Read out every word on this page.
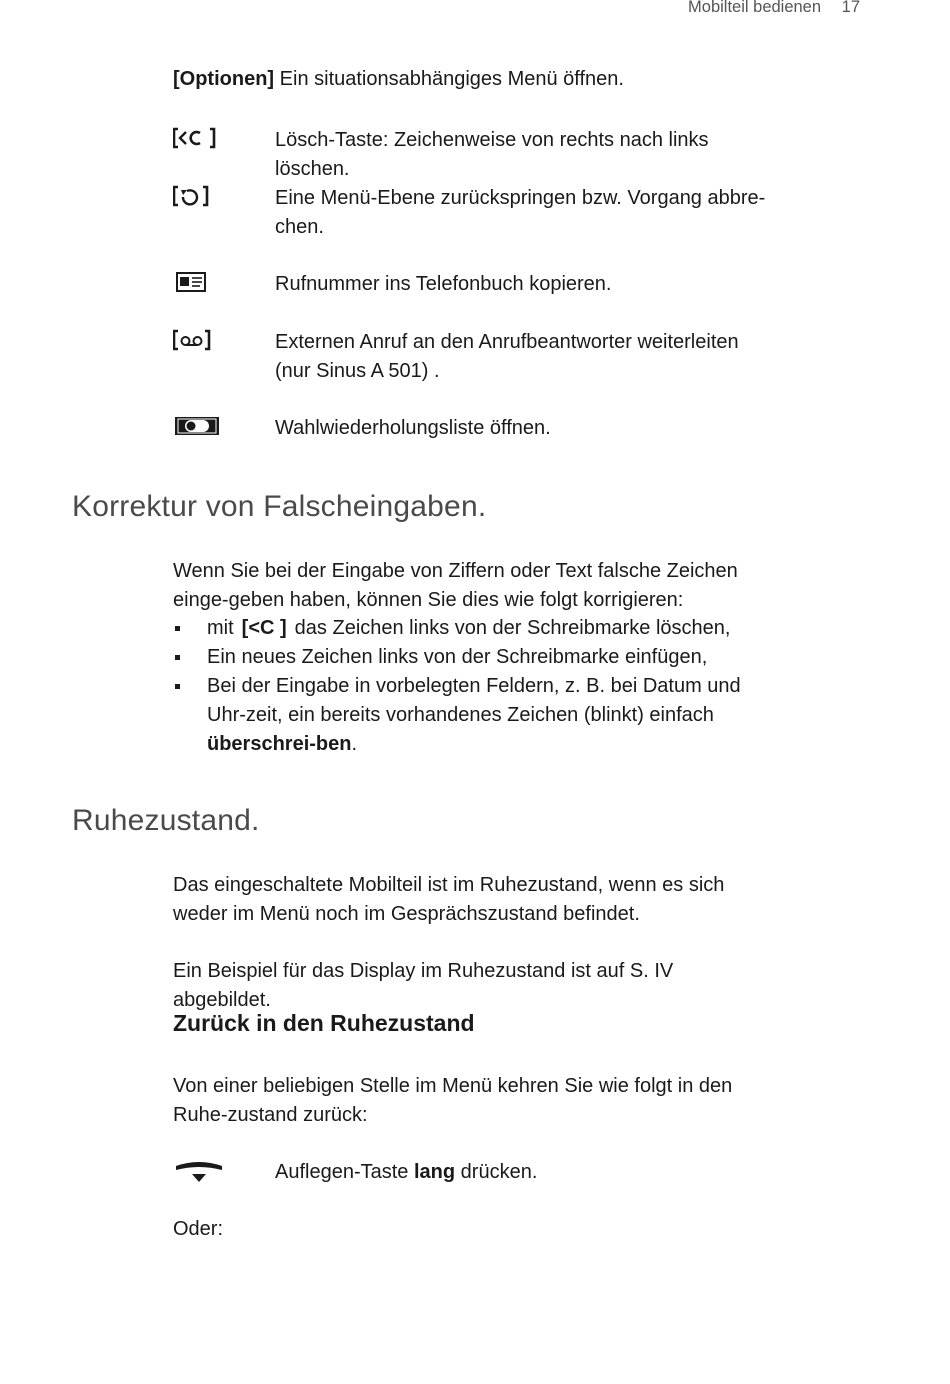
Mobilteil bedienen 17
[Optionen] Ein situationsabhängiges Menü öffnen.
Lösch-Taste: Zeichenweise von rechts nach links löschen.
Eine Menü-Ebene zurückspringen bzw. Vorgang abbre-chen.
Rufnummer ins Telefonbuch kopieren.
Externen Anruf an den Anrufbeantworter weiterleiten (nur Sinus A 501) .
Wahlwiederholungsliste öffnen.
Korrektur von Falscheingaben.
Wenn Sie bei der Eingabe von Ziffern oder Text falsche Zeichen einge-geben haben, können Sie dies wie folgt korrigieren:
mit [<C ] das Zeichen links von der Schreibmarke löschen,
Ein neues Zeichen links von der Schreibmarke einfügen,
Bei der Eingabe in vorbelegten Feldern, z. B. bei Datum und Uhr-zeit, ein bereits vorhandenes Zeichen (blinkt) einfach überschrei-ben.
Ruhezustand.
Das eingeschaltete Mobilteil ist im Ruhezustand, wenn es sich weder im Menü noch im Gesprächszustand befindet.
Ein Beispiel für das Display im Ruhezustand ist auf S. IV abgebildet.
Zurück in den Ruhezustand
Von einer beliebigen Stelle im Menü kehren Sie wie folgt in den Ruhe-zustand zurück:
Auflegen-Taste lang drücken.
Oder:
